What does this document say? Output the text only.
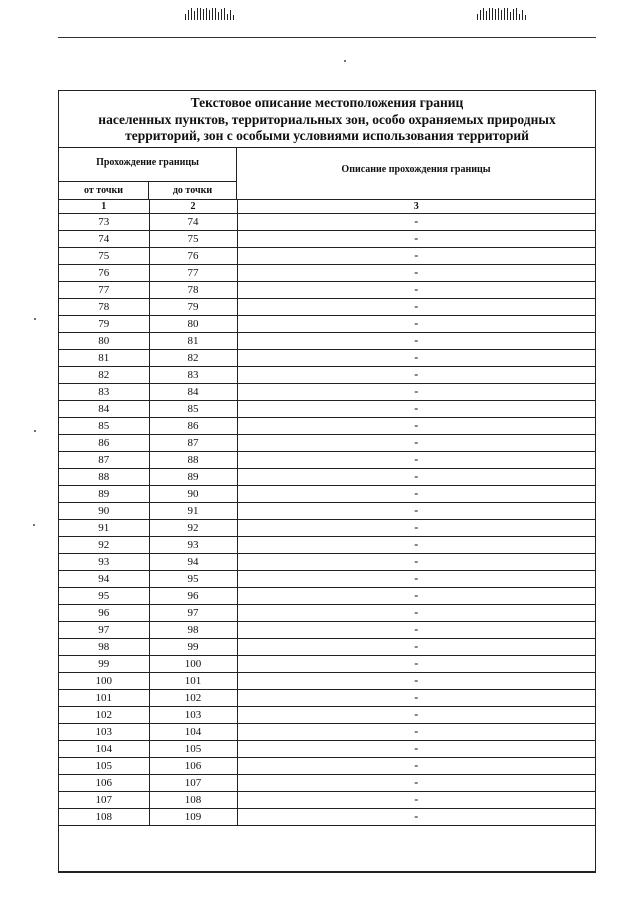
Текстовое описание местоположения границ
населенных пунктов, территориальных зон, особо охраняемых природных
территорий, зон с особыми условиями использования территорий
Прохождение границы
от точки	до точки
Описание прохождения границы
1	2	3
73	74	-
74	75	-
75	76	-
76	77	-
77	78	-
78	79	-
79	80	-
80	81	-
81	82	-
82	83	-
83	84	-
84	85	-
85	86	-
86	87	-
87	88	-
88	89	-
89	90	-
90	91	-
91	92	-
92	93	-
93	94	-
94	95	-
95	96	-
96	97	-
97	98	-
98	99	-
99	100	-
100	101	-
101	102	-
102	103	-
103	104	-
104	105	-
105	106	-
106	107	-
107	108	-
108	109	-
